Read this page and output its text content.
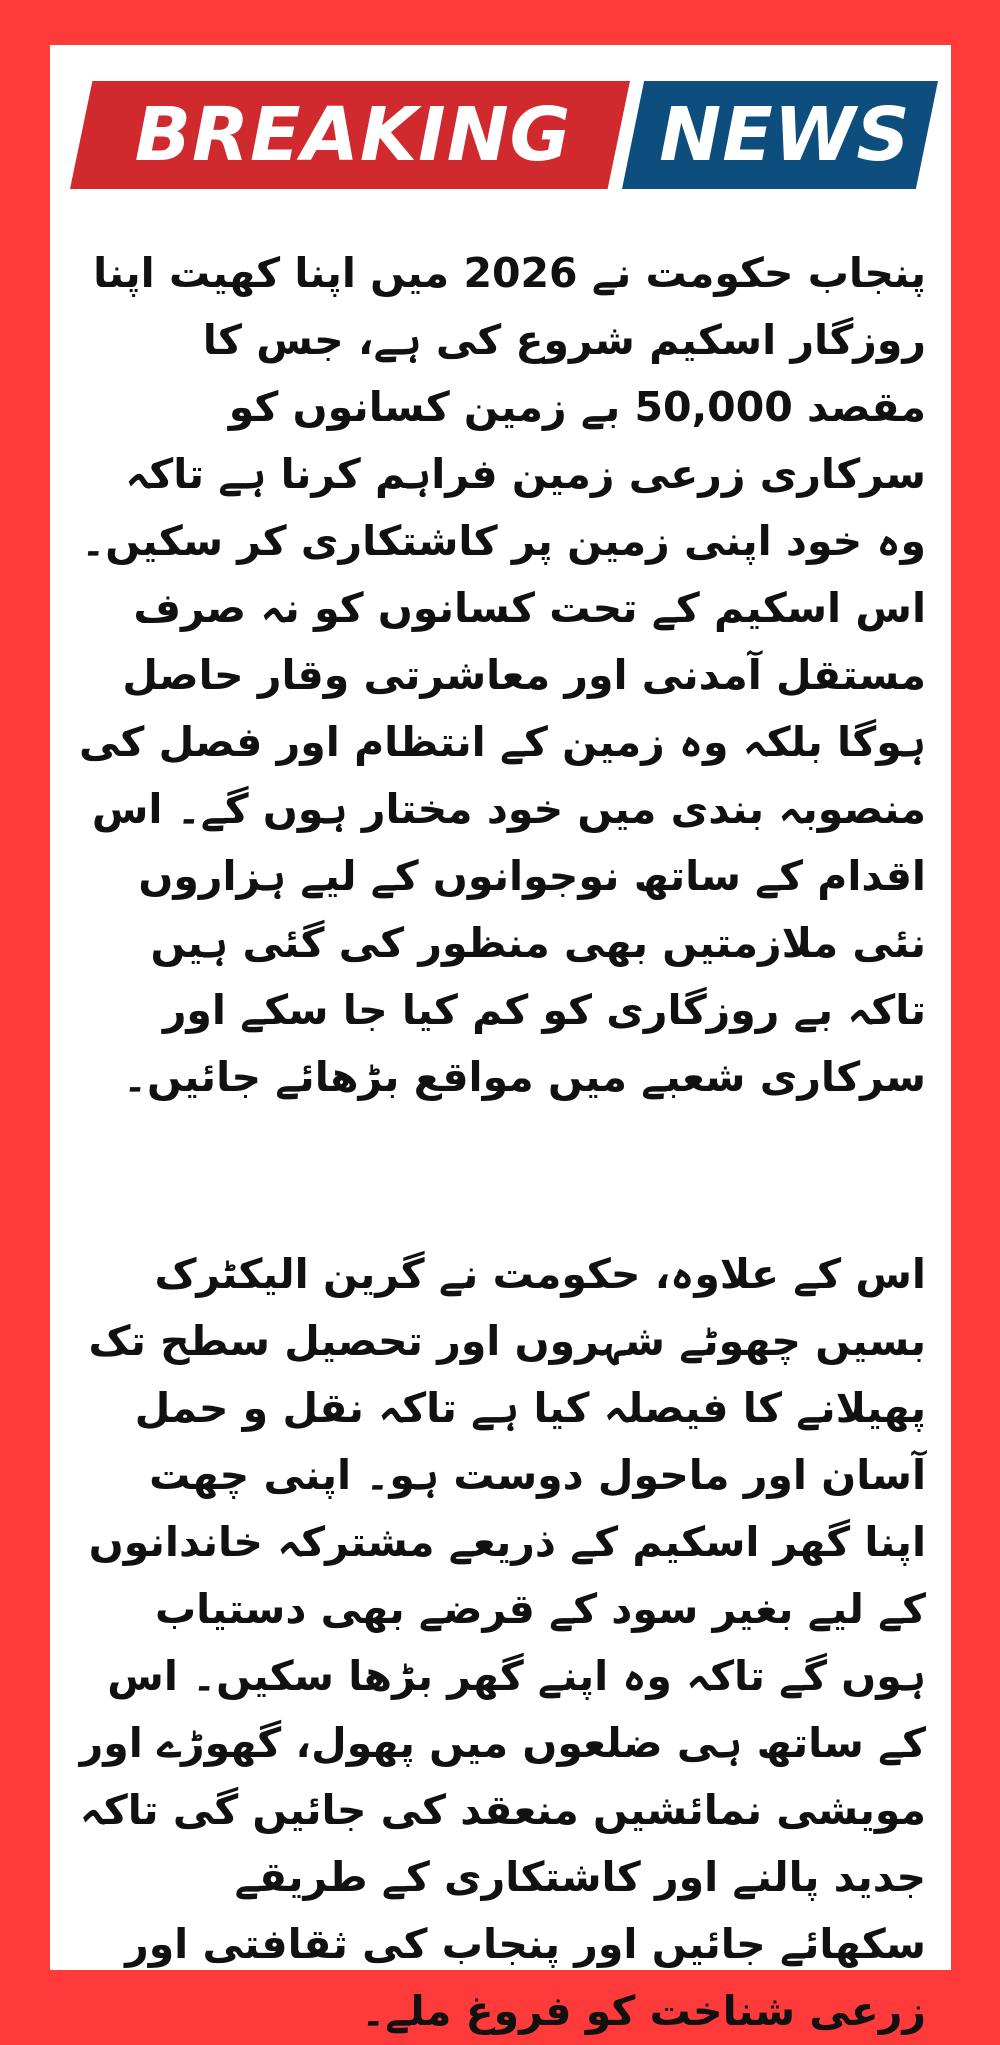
BREAKING	NEWS

پنجاب حکومت نے 2026 میں اپنا کھیت اپنا روزگار اسکیم شروع کی ہے، جس کا مقصد 50,000 بے زمین کسانوں کو سرکاری زرعی زمین فراہم کرنا ہے تاکہ وہ خود اپنی زمین پر کاشتکاری کر سکیں۔ اس اسکیم کے تحت کسانوں کو نہ صرف مستقل آمدنی اور معاشرتی وقار حاصل ہوگا بلکہ وہ زمین کے انتظام اور فصل کی منصوبہ بندی میں خود مختار ہوں گے۔ اس اقدام کے ساتھ نوجوانوں کے لیے ہزاروں نئی ملازمتیں بھی منظور کی گئی ہیں تاکہ بے روزگاری کو کم کیا جا سکے اور سرکاری شعبے میں مواقع بڑھائے جائیں۔

اس کے علاوہ، حکومت نے گرین الیکٹرک بسیں چھوٹے شہروں اور تحصیل سطح تک پھیلانے کا فیصلہ کیا ہے تاکہ نقل و حمل آسان اور ماحول دوست ہو۔ اپنی چھت اپنا گھر اسکیم کے ذریعے مشترکہ خاندانوں کے لیے بغیر سود کے قرضے بھی دستیاب ہوں گے تاکہ وہ اپنے گھر بڑھا سکیں۔ اس کے ساتھ ہی ضلعوں میں پھول، گھوڑے اور مویشی نمائشیں منعقد کی جائیں گی تاکہ جدید پالنے اور کاشتکاری کے طریقے سکھائے جائیں اور پنجاب کی ثقافتی اور زرعی شناخت کو فروغ ملے۔
